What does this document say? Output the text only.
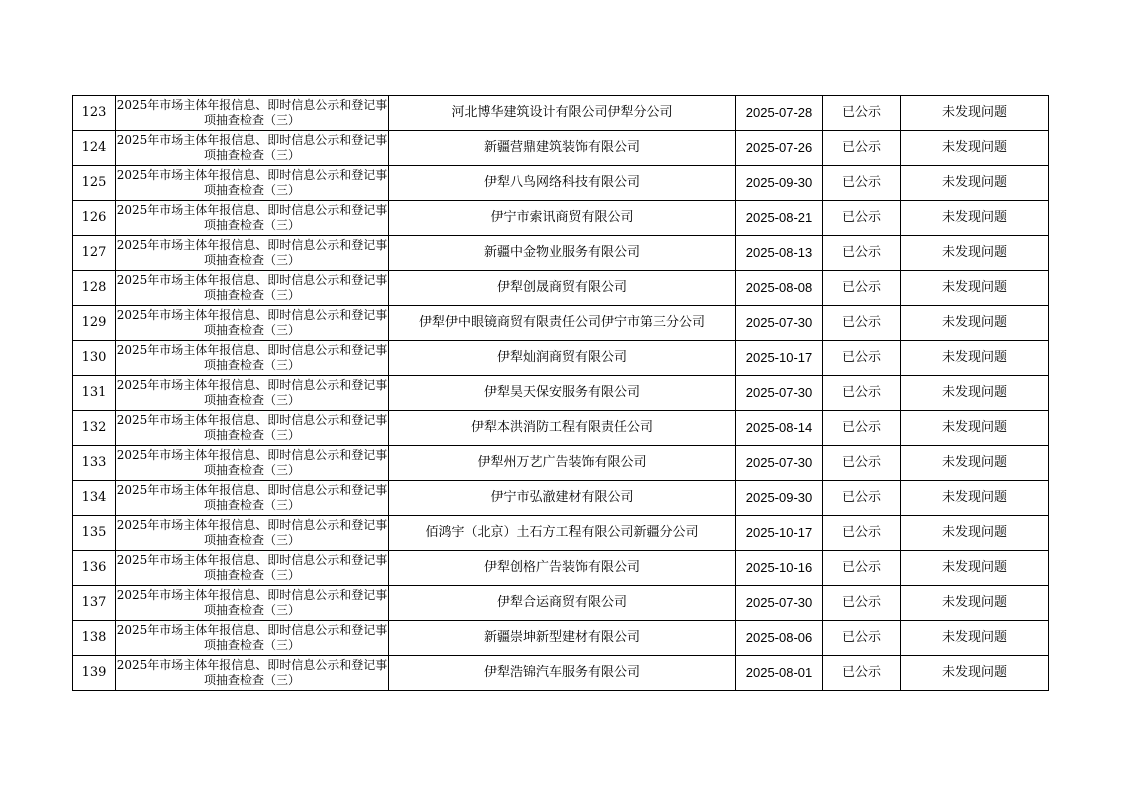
123	2025年市场主体年报信息、即时信息公示和登记事项抽查检查（三）	河北博华建筑设计有限公司伊犁分公司	2025-07-28	已公示	未发现问题
124	2025年市场主体年报信息、即时信息公示和登记事项抽查检查（三）	新疆营鼎建筑装饰有限公司	2025-07-26	已公示	未发现问题
125	2025年市场主体年报信息、即时信息公示和登记事项抽查检查（三）	伊犁八鸟网络科技有限公司	2025-09-30	已公示	未发现问题
126	2025年市场主体年报信息、即时信息公示和登记事项抽查检查（三）	伊宁市索讯商贸有限公司	2025-08-21	已公示	未发现问题
127	2025年市场主体年报信息、即时信息公示和登记事项抽查检查（三）	新疆中金物业服务有限公司	2025-08-13	已公示	未发现问题
128	2025年市场主体年报信息、即时信息公示和登记事项抽查检查（三）	伊犁创晟商贸有限公司	2025-08-08	已公示	未发现问题
129	2025年市场主体年报信息、即时信息公示和登记事项抽查检查（三）	伊犁伊中眼镜商贸有限责任公司伊宁市第三分公司	2025-07-30	已公示	未发现问题
130	2025年市场主体年报信息、即时信息公示和登记事项抽查检查（三）	伊犁灿润商贸有限公司	2025-10-17	已公示	未发现问题
131	2025年市场主体年报信息、即时信息公示和登记事项抽查检查（三）	伊犁昊天保安服务有限公司	2025-07-30	已公示	未发现问题
132	2025年市场主体年报信息、即时信息公示和登记事项抽查检查（三）	伊犁本洪消防工程有限责任公司	2025-08-14	已公示	未发现问题
133	2025年市场主体年报信息、即时信息公示和登记事项抽查检查（三）	伊犁州万艺广告装饰有限公司	2025-07-30	已公示	未发现问题
134	2025年市场主体年报信息、即时信息公示和登记事项抽查检查（三）	伊宁市弘澈建材有限公司	2025-09-30	已公示	未发现问题
135	2025年市场主体年报信息、即时信息公示和登记事项抽查检查（三）	佰鸿宇（北京）土石方工程有限公司新疆分公司	2025-10-17	已公示	未发现问题
136	2025年市场主体年报信息、即时信息公示和登记事项抽查检查（三）	伊犁创格广告装饰有限公司	2025-10-16	已公示	未发现问题
137	2025年市场主体年报信息、即时信息公示和登记事项抽查检查（三）	伊犁合运商贸有限公司	2025-07-30	已公示	未发现问题
138	2025年市场主体年报信息、即时信息公示和登记事项抽查检查（三）	新疆崇坤新型建材有限公司	2025-08-06	已公示	未发现问题
139	2025年市场主体年报信息、即时信息公示和登记事项抽查检查（三）	伊犁浩锦汽车服务有限公司	2025-08-01	已公示	未发现问题
